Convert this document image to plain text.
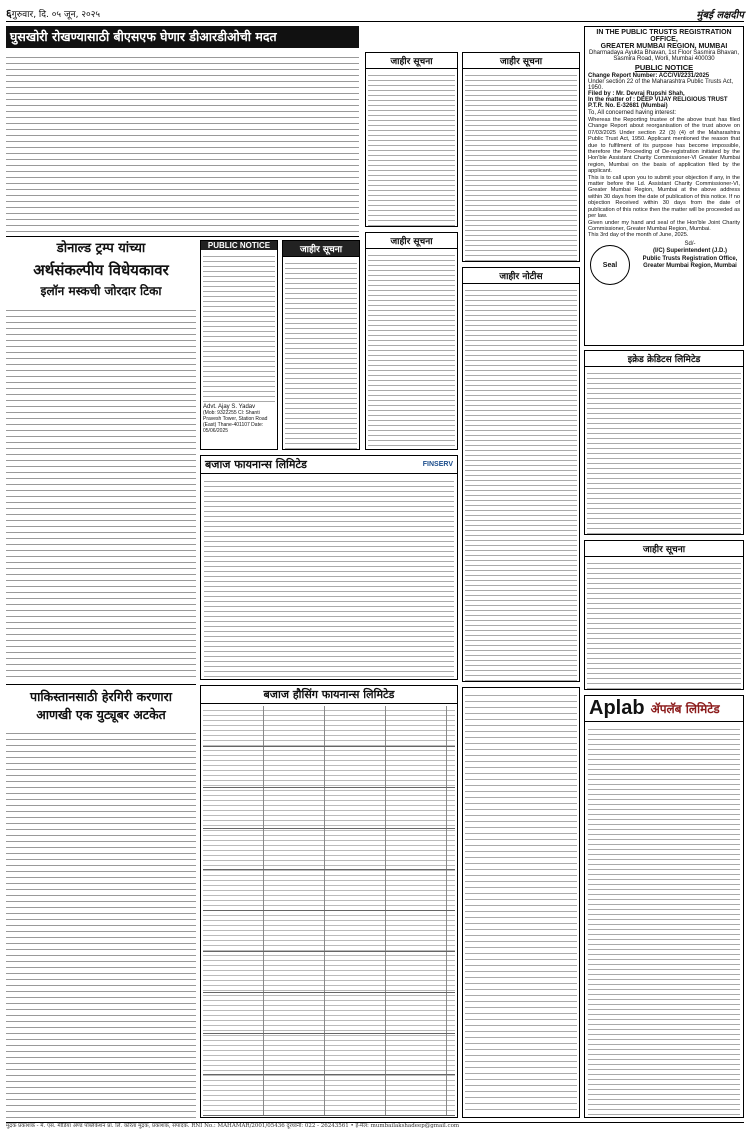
६ गुरुवार, दि. ०५ जून, २०२५	मुंबई लक्षदीप
घुसखोरी रोखण्यासाठी बीएसएफ घेणार डीआरडीओची मदत
डोनाल्ड ट्रम्प यांच्या
अर्थसंकल्पीय विधेयकावर
इलॉन मस्कची जोरदार टिका
PUBLIC NOTICE
Advt. Ajay S. Yadav
(Mob: 9322255 Cl: Shanti Pravesh Tower, Station Road (East) Thane-401107 Date: 05/06/2025
जाहीर सूचना
बजाज फायनान्स लिमिटेड	FINSERV
पाकिस्तानसाठी हेरगिरी करणारा
आणखी एक युट्यूबर अटकेत
बजाज हौसिंग फायनान्स लिमिटेड
जाहीर सूचना
जाहीर सूचना
जाहीर सूचना
जाहीर नोटीस
IN THE PUBLIC TRUSTS REGISTRATION OFFICE,
GREATER MUMBAI REGION, MUMBAI
Dharmadaya Ayukta Bhavan, 1st Floor Sasmira Bhavan,
Sasmira Road, Worli, Mumbai 400030
PUBLIC NOTICE
Change Report Number: ACC/VI/2231/2025
Under section 22 of the Maharashtra Public Trusts Act, 1950.
Filed by : Mr. Devraj Rupshi Shah,
In the matter of : DEEP VIJAY RELIGIOUS TRUST
P.T.R. No. E-32681 (Mumbai)
To, All concerned having interest:
Whereas the Reporting trustee of the above trust has filed Change Report about reorganisation of the trust above on 07/03/2025 Under section 22 (3) (4) of the Maharashtra Public Trust Act, 1950. Applicant mentioned the reason that due to fulfilment of its purpose has become impossible, therefore the Proceeding of De-registration initiated by the Hon'ble Assistant Charity Commissioner-VI Greater Mumbai region, Mumbai on the basis of application filed by the applicant.
This is to call upon you to submit your objection if any, in the matter before the Ld. Assistant Charity Commissioner-VI, Greater Mumbai Region, Mumbai at the above address within 30 days from the date of publication of this notice. If no objection Received within 30 days from the date of publication of this notice then the matter will be proceeded as per law.
Given under my hand and seal of the Hon'ble Joint Charity Commissioner, Greater Mumbai Region, Mumbai.
This 3rd day of the month of June, 2025.
Seal
Sd/-
(I/C) Superintendent (J.D.)
Public Trusts Registration Office,
Greater Mumbai Region, Mumbai
इक्रेड क्रेडिटस लिमिटेड
जाहीर सूचना
Aplab ॲपलॅब लिमिटेड
मुद्रक प्रकाशक - मे. एस. मीडिया ॲण्ड पब्लिकेशन प्रा. लि. करिता मुद्रक, प्रकाशक, संपादक. RNI No.: MAHAMAR/2001/05436 दूरध्वनी: 022 - 26243561 • ई-मेल: mumbailakshadeep@gmail.com
